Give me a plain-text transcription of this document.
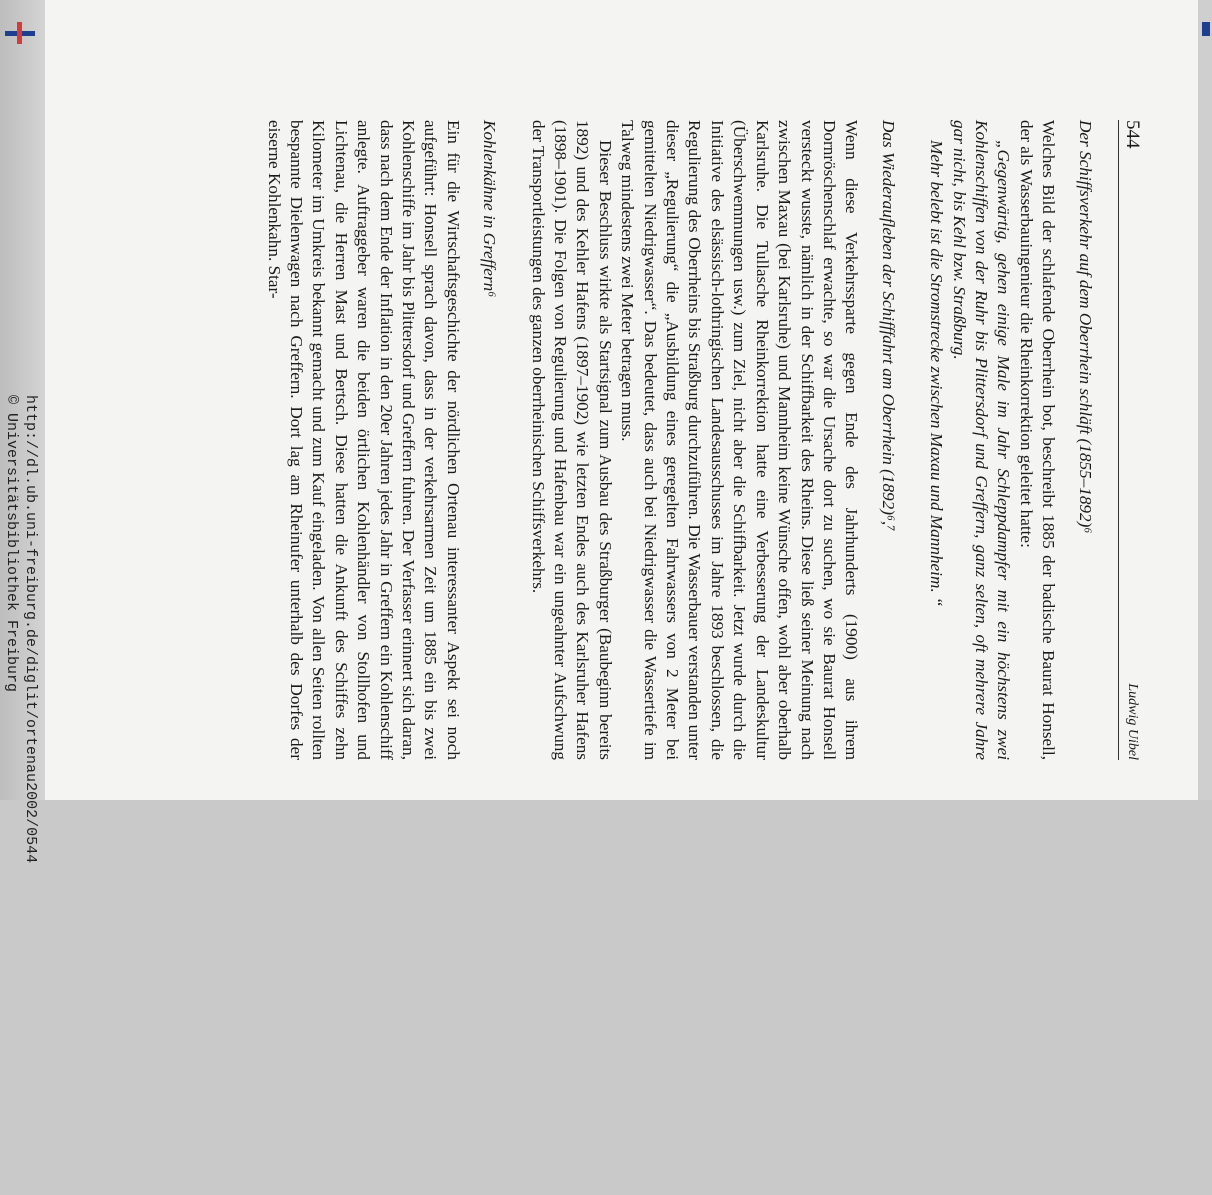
http://dl.ub.uni-freiburg.de/diglit/ortenau2002/0544
© Universitätsbibliothek Freiburg
544
Ludwig Uibel
Der Schiffsverkehr auf dem Oberrhein schläft (1855–1892)⁶

Welches Bild der schlafende Oberrhein bot, beschreibt 1885 der badische Baurat Honsell, der als Wasserbauingenieur die Rheinkorrektion geleitet hatte:

„Gegenwärtig, gehen einige Male im Jahr Schleppdampfer mit ein höchstens zwei Kohlenschiffen von der Ruhr bis Plittersdorf und Greffern, ganz selten, oft mehrere Jahre gar nicht, bis Kehl bzw. Straßburg.

Mehr belebt ist die Stromstrecke zwischen Maxau und Mannheim. “

Das Wiederaufleben der Schifffahrt am Oberrhein (1892)⁶,⁷

Wenn diese Verkehrssparte gegen Ende des Jahrhunderts (1900) aus ihrem Dornröschenschlaf erwachte, so war die Ursache dort zu suchen, wo sie Baurat Honsell versteckt wusste, nämlich in der Schiffbarkeit des Rheins. Diese ließ seiner Meinung nach zwischen Maxau (bei Karlsruhe) und Mannheim keine Wünsche offen, wohl aber oberhalb Karlsruhe. Die Tullasche Rheinkorrektion hatte eine Verbesserung der Landeskultur (Überschwemmungen usw.) zum Ziel, nicht aber die Schiffbarkeit. Jetzt wurde durch die Initiative des elsässisch-lothringischen Landesausschusses im Jahre 1893 beschlossen, die Regulierung des Oberrheins bis Straßburg durchzuführen. Die Wasserbauer verstanden unter dieser „Regulierung“ die „Ausbildung eines geregelten Fahrwassers von 2 Meter bei gemittelten Niedrigwasser“. Das bedeutet, dass auch bei Niedrigwasser die Wassertiefe im Talweg mindestens zwei Meter betragen muss.

Dieser Beschluss wirkte als Startsignal zum Ausbau des Straßburger (Baubeginn bereits 1892) und des Kehler Hafens (1897–1902) wie letzten Endes auch des Karlsruher Hafens (1898–1901). Die Folgen von Regulierung und Hafenbau war ein ungeahnter Aufschwung der Transportleistungen des ganzen oberrheinischen Schiffsverkehrs.

Kohlenkähne in Greffern⁶

Ein für die Wirtschaftsgeschichte der nördlichen Ortenau interessanter Aspekt sei noch aufgeführt: Honsell sprach davon, dass in der verkehrsarmen Zeit um 1885 ein bis zwei Kohlenschiffe im Jahr bis Plittersdorf und Greffern fuhren. Der Verfasser erinnert sich daran, dass nach dem Ende der Inflation in den 20er Jahren jedes Jahr in Greffern ein Kohlenschiff anlegte. Auftraggeber waren die beiden örtlichen Kohlenhändler von Stollhofen und Lichtenau, die Herren Mast und Bertsch. Diese hatten die Ankunft des Schiffes zehn Kilometer im Umkreis bekannt gemacht und zum Kauf eingeladen. Von allen Seiten rollten bespannte Dielenwagen nach Greffern. Dort lag am Rheinufer unterhalb des Dorfes der eiserne Kohlenkahn. Star-
